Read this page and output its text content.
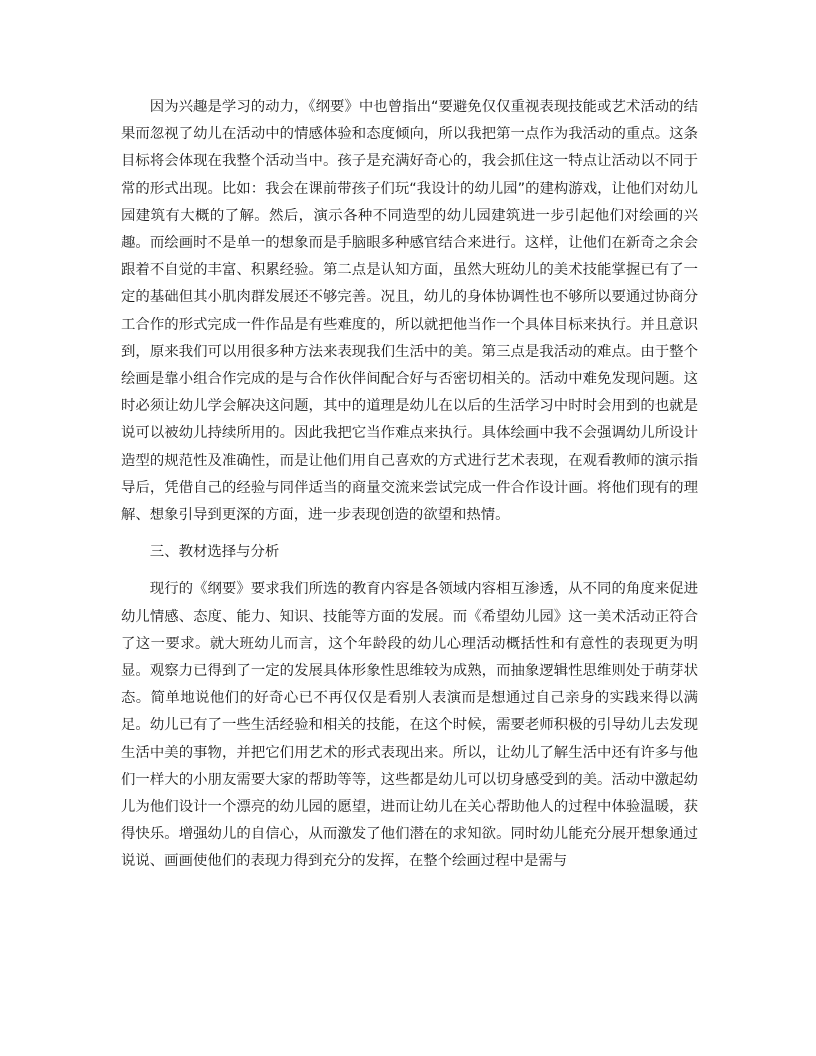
因为兴趣是学习的动力，《纲要》中也曾指出“要避免仅仅重视表现技能或艺术活动的结果而忽视了幼儿在活动中的情感体验和态度倾向，所以我把第一点作为我活动的重点。这条目标将会体现在我整个活动当中。孩子是充满好奇心的，我会抓住这一特点让活动以不同于常的形式出现。比如：我会在课前带孩子们玩“我设计的幼儿园”的建构游戏，让他们对幼儿园建筑有大概的了解。然后，演示各种不同造型的幼儿园建筑进一步引起他们对绘画的兴趣。而绘画时不是单一的想象而是手脑眼多种感官结合来进行。这样，让他们在新奇之余会跟着不自觉的丰富、积累经验。第二点是认知方面，虽然大班幼儿的美术技能掌握已有了一定的基础但其小肌肉群发展还不够完善。况且，幼儿的身体协调性也不够所以要通过协商分工合作的形式完成一件作品是有些难度的，所以就把他当作一个具体目标来执行。并且意识到，原来我们可以用很多种方法来表现我们生活中的美。第三点是我活动的难点。由于整个绘画是靠小组合作完成的是与合作伙伴间配合好与否密切相关的。活动中难免发现问题。这时必须让幼儿学会解决这问题，其中的道理是幼儿在以后的生活学习中时时会用到的也就是说可以被幼儿持续所用的。因此我把它当作难点来执行。具体绘画中我不会强调幼儿所设计造型的规范性及准确性，而是让他们用自己喜欢的方式进行艺术表现，在观看教师的演示指导后，凭借自己的经验与同伴适当的商量交流来尝试完成一件合作设计画。将他们现有的理解、想象引导到更深的方面，进一步表现创造的欲望和热情。

三、教材选择与分析

现行的《纲要》要求我们所选的教育内容是各领域内容相互渗透，从不同的角度来促进幼儿情感、态度、能力、知识、技能等方面的发展。而《希望幼儿园》这一美术活动正符合了这一要求。就大班幼儿而言，这个年龄段的幼儿心理活动概括性和有意性的表现更为明显。观察力已得到了一定的发展具体形象性思维较为成熟，而抽象逻辑性思维则处于萌芽状态。简单地说他们的好奇心已不再仅仅是看别人表演而是想通过自己亲身的实践来得以满足。幼儿已有了一些生活经验和相关的技能，在这个时候，需要老师积极的引导幼儿去发现生活中美的事物，并把它们用艺术的形式表现出来。所以，让幼儿了解生活中还有许多与他们一样大的小朋友需要大家的帮助等等，这些都是幼儿可以切身感受到的美。活动中激起幼儿为他们设计一个漂亮的幼儿园的愿望，进而让幼儿在关心帮助他人的过程中体验温暖，获得快乐。增强幼儿的自信心，从而激发了他们潜在的求知欲。同时幼儿能充分展开想象通过说说、画画使他们的表现力得到充分的发挥，在整个绘画过程中是需与
